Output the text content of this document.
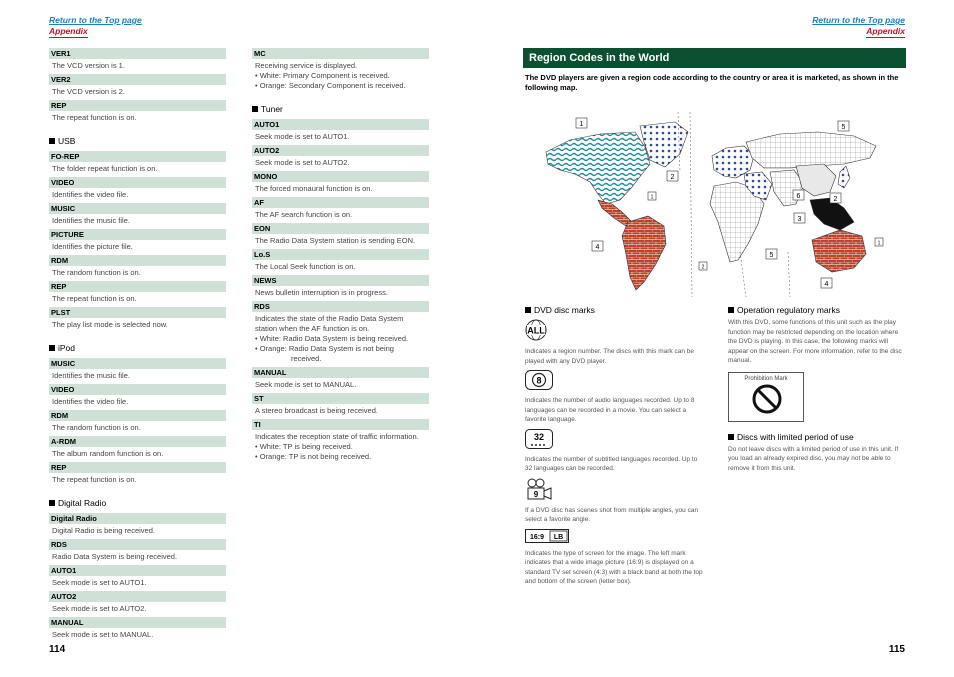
Return to the Top page
Appendix
Return to the Top page
Appendix
VER1
The VCD version is 1.
VER2
The VCD version is 2.
REP
The repeat function is on.
USB
FO-REP
The folder repeat function is on.
VIDEO
Identifies the video file.
MUSIC
Identifies the music file.
PICTURE
Identifies the picture file.
RDM
The random function is on.
REP
The repeat function is on.
PLST
The play list mode is selected now.
iPod
MUSIC
Identifies the music file.
VIDEO
Identifies the video file.
RDM
The random function is on.
A-RDM
The album random function is on.
REP
The repeat function is on.
Digital Radio
Digital Radio
Digital Radio is being received.
RDS
Radio Data System is being received.
AUTO1
Seek mode is set to AUTO1.
AUTO2
Seek mode is set to AUTO2.
MANUAL
Seek mode is set to MANUAL.
MC
Receiving service is displayed.
• White: Primary Component is received.
• Orange: Secondary Component is received.
Tuner
AUTO1
Seek mode is set to AUTO1.
AUTO2
Seek mode is set to AUTO2.
MONO
The forced monaural function is on.
AF
The AF search function is on.
EON
The Radio Data System station is sending EON.
Lo.S
The Local Seek function is on.
NEWS
News bulletin interruption is in progress.
RDS
Indicates the state of the Radio Data System station when the AF function is on.
• White: Radio Data System is being received.
• Orange: Radio Data System is not being
received.
MANUAL
Seek mode is set to MANUAL.
ST
A stereo broadcast is being received.
TI
Indicates the reception state of traffic information.
• White: TP is being received.
• Orange: TP is not being received.
114
Region Codes in the World
The DVD players are given a region code according to the country or area it is marketed, as shown in the following map.
1	5
2
1	6	2
3
4
5
1
2
4
DVD disc marks
ALL
Indicates a region number. The discs with this mark can be played with any DVD player.
8
Indicates the number of audio languages recorded. Up to 8 languages can be recorded in a movie. You can select a favorite language.
32
Indicates the number of subtitled languages recorded. Up to 32 languages can be recorded.
9
If a DVD disc has scenes shot from multiple angles, you can select a favorite angle.
16:9 LB
Indicates the type of screen for the image. The left mark indicates that a wide image picture (16:9) is displayed on a standard TV set screen (4:3) with a black band at both the top and bottom of the screen (letter box).
Operation regulatory marks
With this DVD, some functions of this unit such as the play function may be restricted depending on the location where the DVD is playing. In this case, the following marks will appear on the screen. For more information, refer to the disc manual.
Prohibition Mark
Discs with limited period of use
Do not leave discs with a limited period of use in this unit. If you load an already expired disc, you may not be able to remove it from this unit.
115
